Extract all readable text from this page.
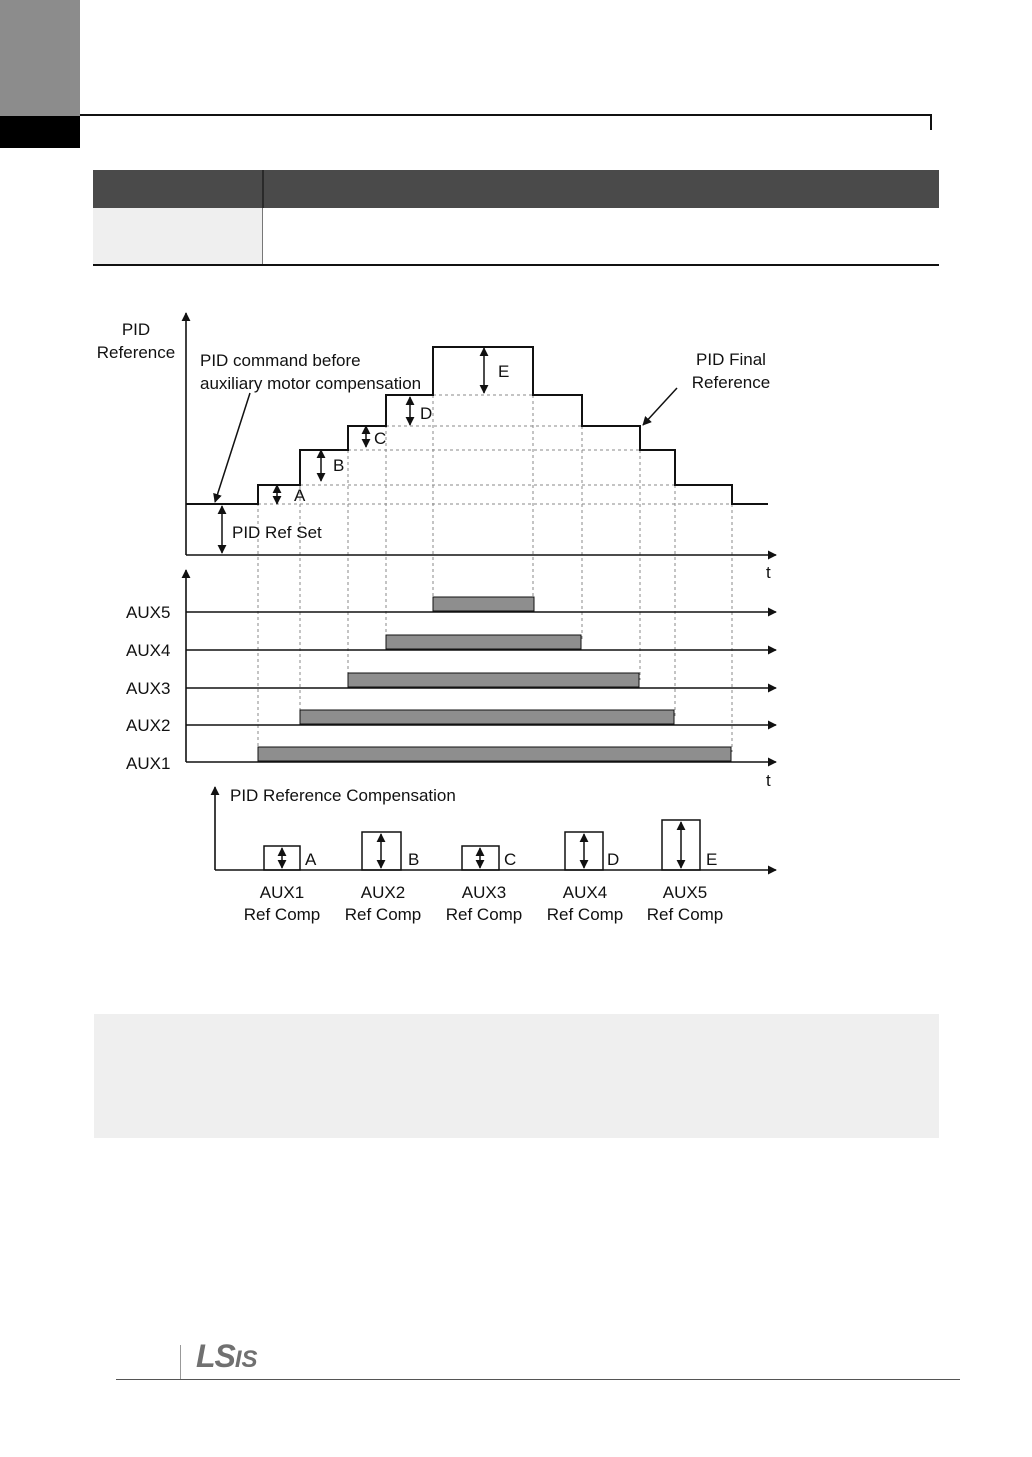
PID
Reference PID command before
auxiliary motor compensation
PID Final
Reference
PID Ref Set
t
A
B
C
D
E
AUX5
AUX4
AUX3
AUX2
AUX1
t
PID Reference Compensation
A	B	C	D	E
AUX1
Ref Comp
AUX2
Ref Comp
AUX3
Ref Comp
AUX4
Ref Comp
AUX5
Ref Comp
LSIS
